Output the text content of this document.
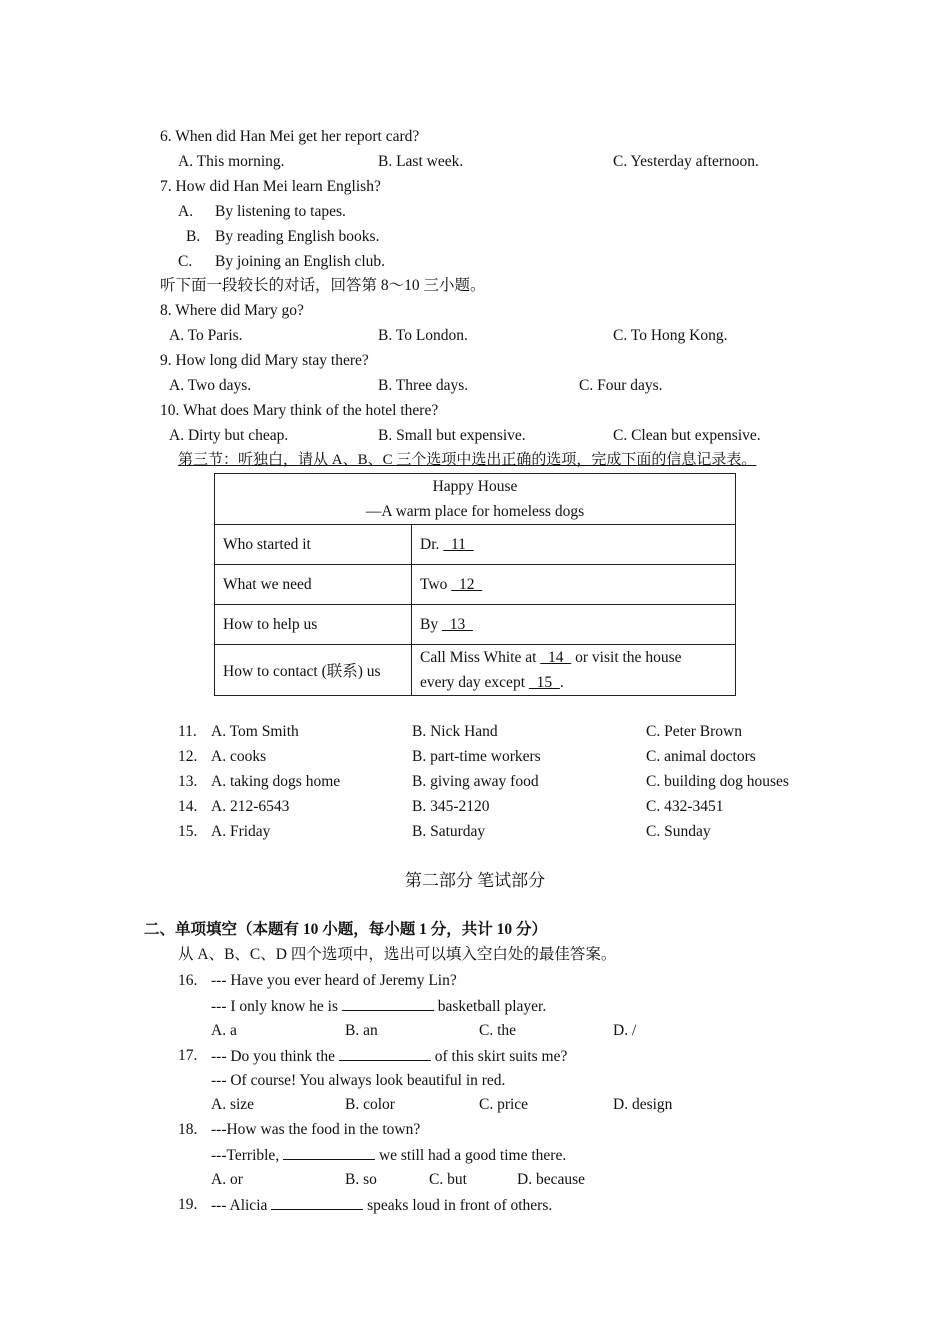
6. When did Han Mei get her report card?
A. This morning.	B. Last week.	C. Yesterday afternoon.
7. How did Han Mei learn English?
A. By listening to tapes.
B. By reading English books.
C. By joining an English club.
听下面一段较长的对话，回答第 8～10 三小题。
8. Where did Mary go?
A. To Paris.	B. To London.	C. To Hong Kong.
9. How long did Mary stay there?
A. Two days.	B. Three days.	C. Four days.
10. What does Mary think of the hotel there?
A. Dirty but cheap.	B. Small but expensive.	C. Clean but expensive.
第三节：听独白，请从 A、B、C 三个选项中选出正确的选项，完成下面的信息记录表。
Happy House
—A warm place for homeless dogs	

Who started it	Dr.   11
What we need	Two   12
How to help us	By   13
How to contact (联系) us	Call Miss White at   14   or visit the house
every day except   15  .
11. A. Tom Smith	B. Nick Hand	C. Peter Brown
12. A. cooks	B. part-time workers	C. animal doctors
13. A. taking dogs home	B. giving away food	C. building dog houses
14. A. 212-6543	B. 345-2120	C. 432-3451
15. A. Friday	B. Saturday	C. Sunday
第二部分 笔试部分
二、单项填空（本题有 10 小题，每小题 1 分，共计 10 分）
从 A、B、C、D 四个选项中，选出可以填入空白处的最佳答案。
16. --- Have you ever heard of Jeremy Lin?
--- I only know he is	basketball player.
A. a	B. an	C. the	D. /
17. --- Do you think the	of this skirt suits me?
--- Of course! You always look beautiful in red.
A. size	B. color	C. price	D. design
18. ---How was the food in the town?
---Terrible,	we still had a good time there.
A. or	B. so	C. but	D. because
19. --- Alicia	speaks loud in front of others.
